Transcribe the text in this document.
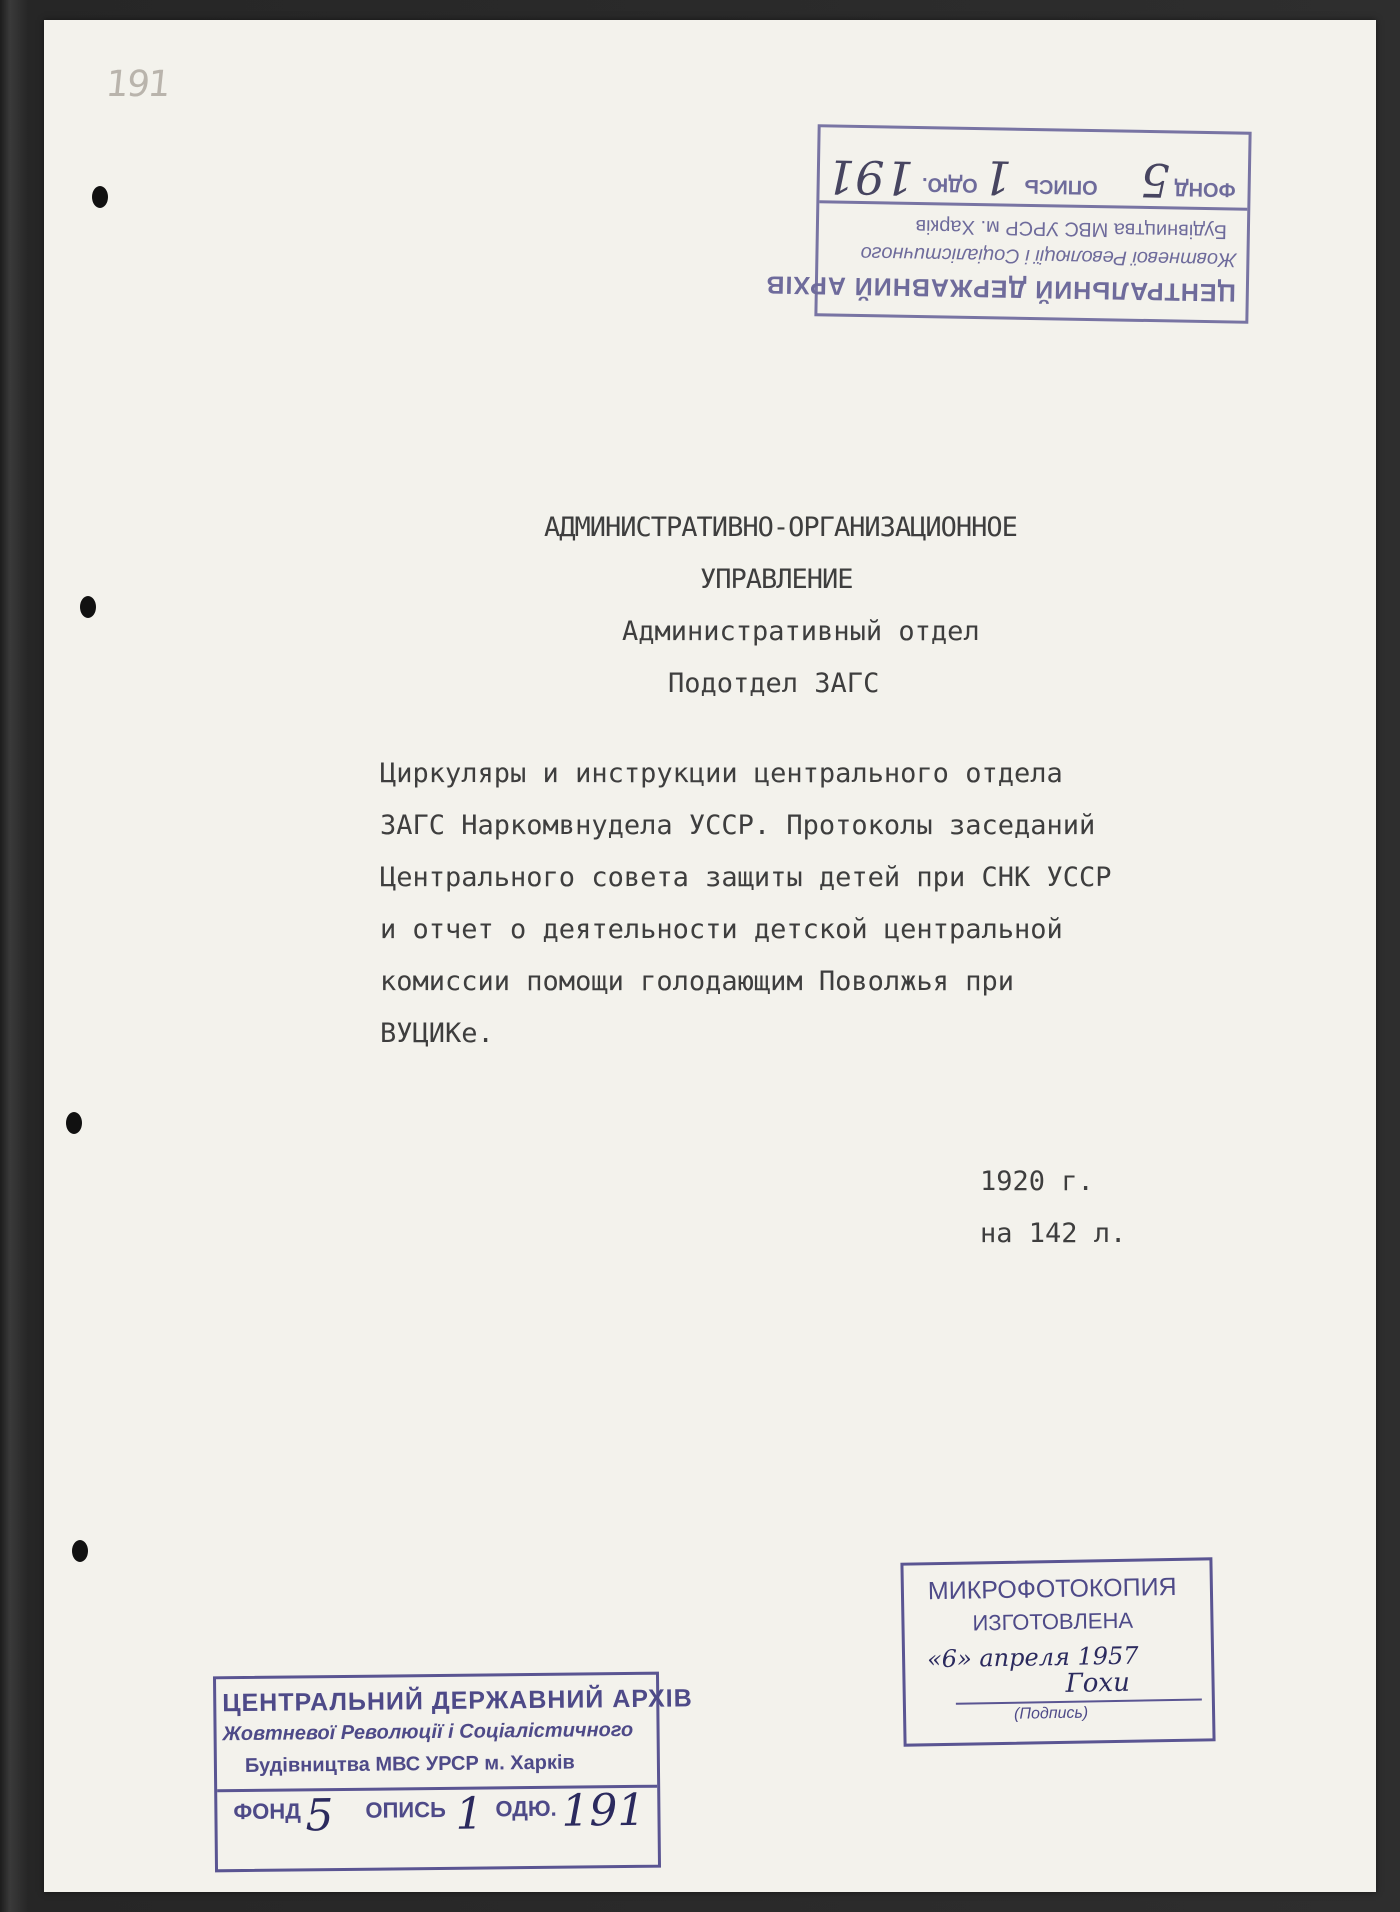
191
ЦЕНТРАЛЬНИЙ ДЕРЖАВНИЙ АРХІВ
Жовтневої Революції і Соціалістичного
Будівництва МВС УРСР м. Харків
ФОНД
5
ОПИСЬ
1
ОДЮ.
191
АДМИНИСТРАТИВНО-ОРГАНИЗАЦИОННОЕ
УПРАВЛЕНИЕ
Административный отдел
Подотдел ЗАГС
Циркуляры и инструкции центрального отдела
ЗАГС Наркомвнудела УССР. Протоколы заседаний
Центрального совета защиты детей при СНК УССР
и отчет о деятельности детской центральной
комиссии помощи голодающим Поволжья при
ВУЦИКе.
1920 г.
на 142 л.
МИКРОФОТОКОПИЯ
ИЗГОТОВЛЕНА
«6» апреля 1957
Гохи
(Подпись)
ЦЕНТРАЛЬНИЙ ДЕРЖАВНИЙ АРХІВ
Жовтневої Революції і Соціалістичного
Будівництва МВС УРСР м. Харків
ФОНД 5 ОПИСЬ 1 ОДЮ. 191
